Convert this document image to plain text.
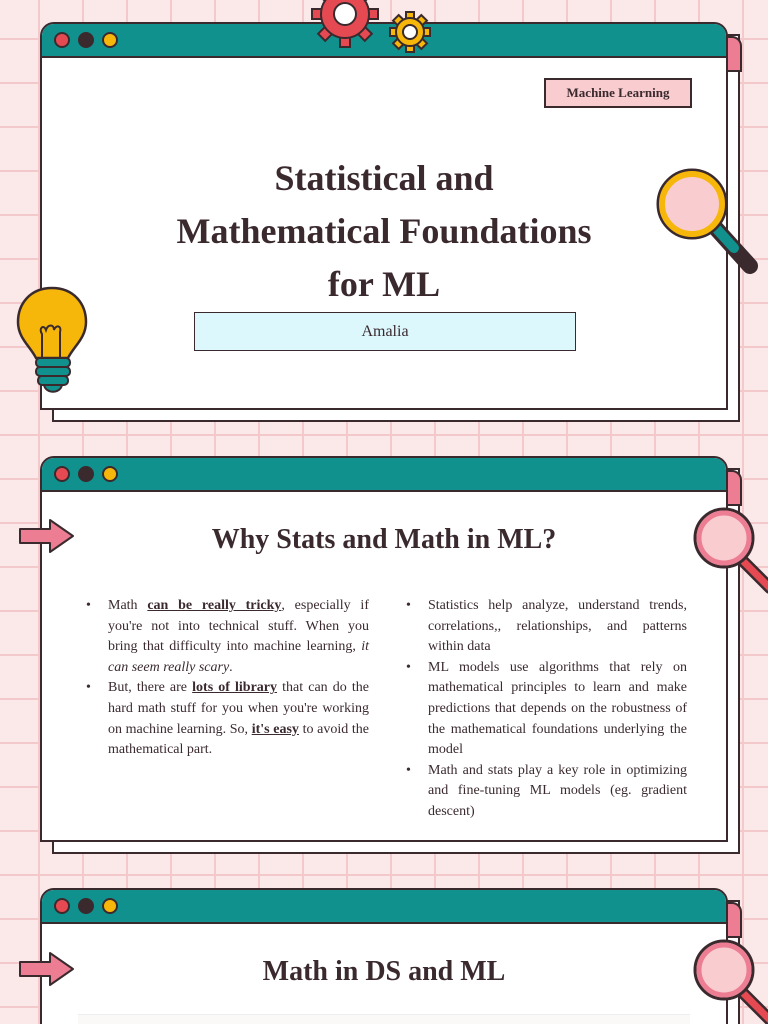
Machine Learning
Statistical and
Mathematical Foundations
for ML
Amalia
Why Stats and Math in ML?
• Math can be really tricky, especially if you're not into technical stuff. When you bring that difficulty into machine learning, it can seem really scary.
• But, there are lots of library that can do the hard math stuff for you when you're working on machine learning. So, it's easy to avoid the mathematical part.
• Statistics help analyze, understand trends, correlations,, relationships, and patterns within data
• ML models use algorithms that rely on mathematical principles to learn and make predictions that depends on the robustness of the mathematical foundations underlying the model
• Math and stats play a key role in optimizing and fine-tuning ML models (eg. gradient descent)
Math in DS and ML
